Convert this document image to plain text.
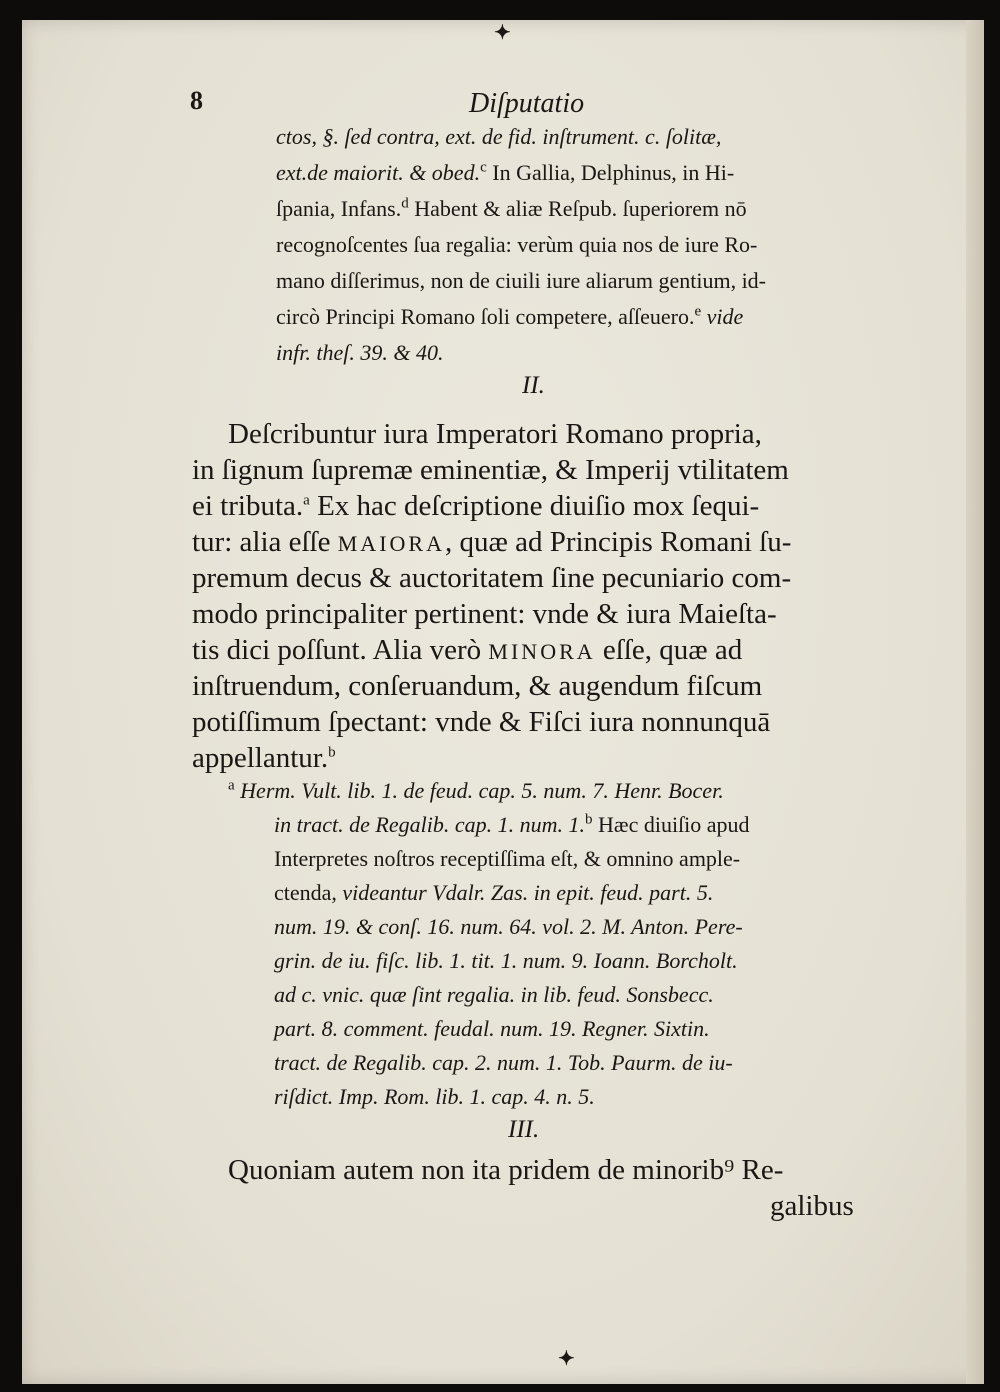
✦
8	Diſputatio
ctos, §. ſed contra, ext. de fid. inſtrument. c. ſolitæ,
ext.de maiorit. & obed.$^c$ In Gallia, Delphinus, in Hi-
ſpania, Infans.$^d$ Habent & aliæ Reſpub. ſuperiorem nō
recognoſcentes ſua regalia: verùm quia nos de iure Ro-
mano diſſerimus, non de ciuili iure aliarum gentium, id-
circò Principi Romano ſoli competere, aſſeuero.$^e$ vide
infr. theſ. 39. & 40.
II.
Deſcribuntur iura Imperatori Romano propria,
in ſignum ſupremæ eminentiæ, & Imperij vtilitatem
ei tributa.$^a$ Ex hac deſcriptione diuiſio mox ſequi-
tur: alia eſſe MAIORA, quæ ad Principis Romani ſu-
premum decus & auctoritatem ſine pecuniario com-
modo principaliter pertinent: vnde & iura Maieſta-
tis dici poſſunt. Alia verò MINORA eſſe, quæ ad
inſtruendum, conſeruandum, & augendum fiſcum
potiſſimum ſpectant: vnde & Fiſci iura nonnunquā
appellantur.$^b$
$^a$ Herm. Vult. lib. 1. de feud. cap. 5. num. 7. Henr. Bocer.
in tract. de Regalib. cap. 1. num. 1.$^b$ Hæc diuiſio apud
Interpretes noſtros receptiſſima eſt, & omnino ample-
ctenda, videantur Vdalr. Zas. in epit. feud. part. 5.
num. 19. & conſ. 16. num. 64. vol. 2. M. Anton. Pere-
grin. de iu. fiſc. lib. 1. tit. 1. num. 9. Ioann. Borcholt.
ad c. vnic. quæ ſint regalia. in lib. feud. Sonsbecc.
part. 8. comment. feudal. num. 19. Regner. Sixtin.
tract. de Regalib. cap. 2. num. 1. Tob. Paurm. de iu-
riſdict. Imp. Rom. lib. 1. cap. 4. n. 5.
III.
Quoniam autem non ita pridem de minorib⁹ Re-
galibus
✦
